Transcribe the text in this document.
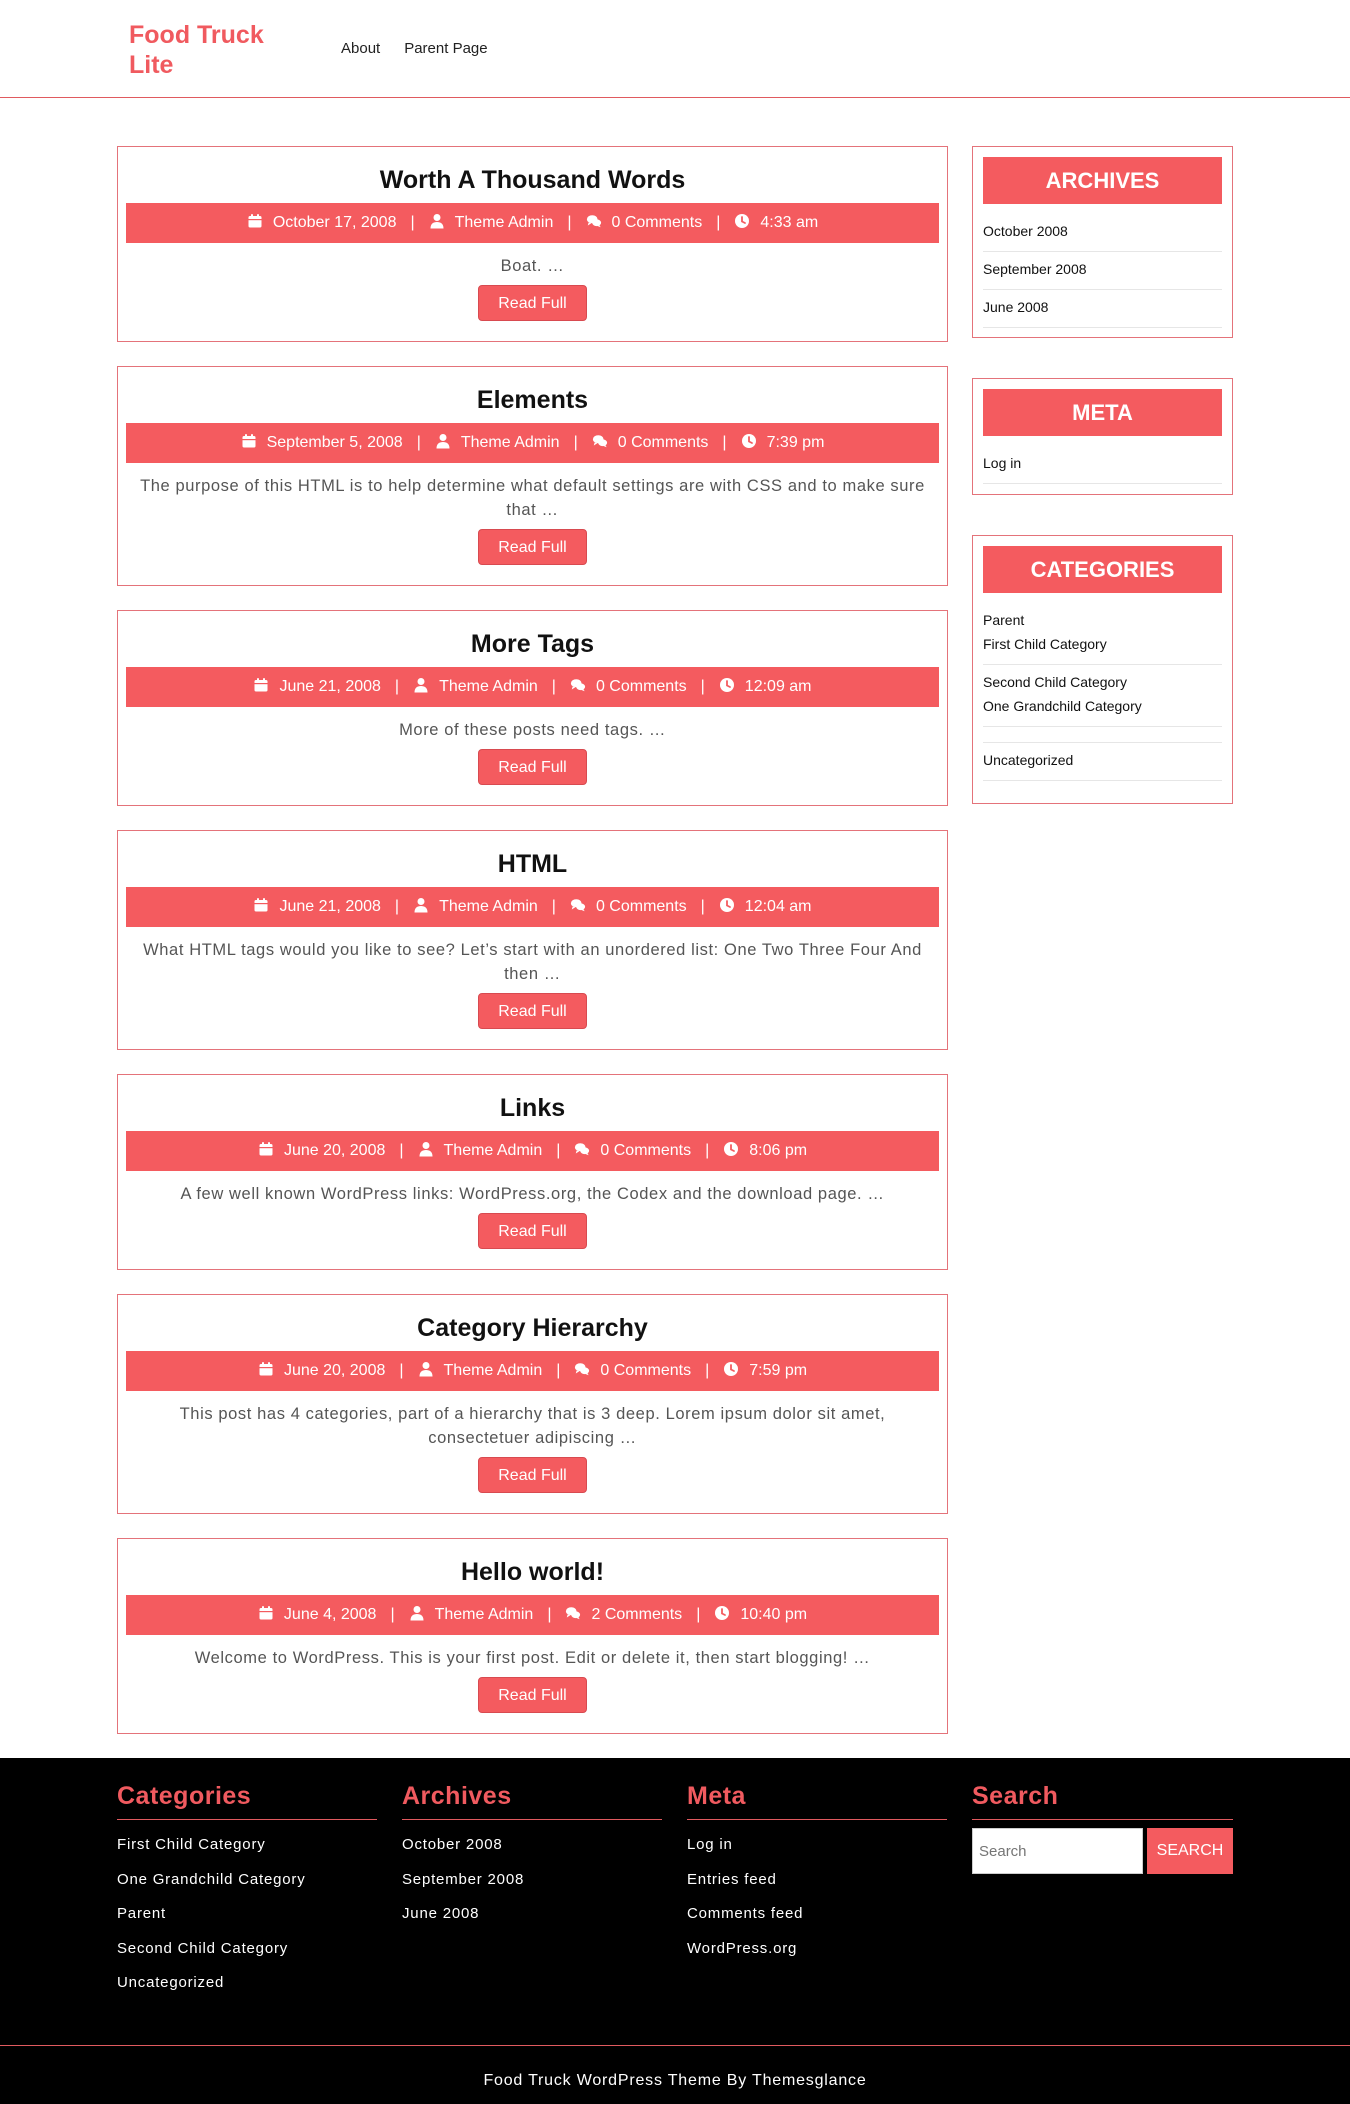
Food Truck Lite
About Parent Page
Worth A Thousand Words
October 17, 2008 |	Theme Admin |	0 Comments |	4:33 am

Boat. …

Read Full
Elements
September 5, 2008 |	Theme Admin |	0 Comments |	7:39 pm

The purpose of this HTML is to help determine what default settings are with CSS and to make sure that …

Read Full
More Tags
June 21, 2008 |	Theme Admin |	0 Comments |	12:09 am

More of these posts need tags. …

Read Full
HTML
June 21, 2008 |	Theme Admin |	0 Comments |	12:04 am

What HTML tags would you like to see? Let’s start with an unordered list: One Two Three Four And then …

Read Full
Links
June 20, 2008 |	Theme Admin |	0 Comments |	8:06 pm

A few well known WordPress links: WordPress.org, the Codex and the download page. …

Read Full
Category Hierarchy
June 20, 2008 |	Theme Admin |	0 Comments |	7:59 pm

This post has 4 categories, part of a hierarchy that is 3 deep. Lorem ipsum dolor sit amet, consectetuer adipiscing …

Read Full
Hello world!
June 4, 2008 |	Theme Admin |	2 Comments |	10:40 pm

Welcome to WordPress. This is your first post. Edit or delete it, then start blogging! …

Read Full
ARCHIVES
October 2008
September 2008
June 2008
META
Log in
CATEGORIES
Parent
First Child Category
Second Child Category
One Grandchild Category
Uncategorized
Categories
First Child Category
One Grandchild Category
Parent
Second Child Category
Uncategorized
Archives
October 2008
September 2008
June 2008
Meta
Log in
Entries feed
Comments feed
WordPress.org
Search
Search
SEARCH
Food Truck WordPress Theme By Themesglance
